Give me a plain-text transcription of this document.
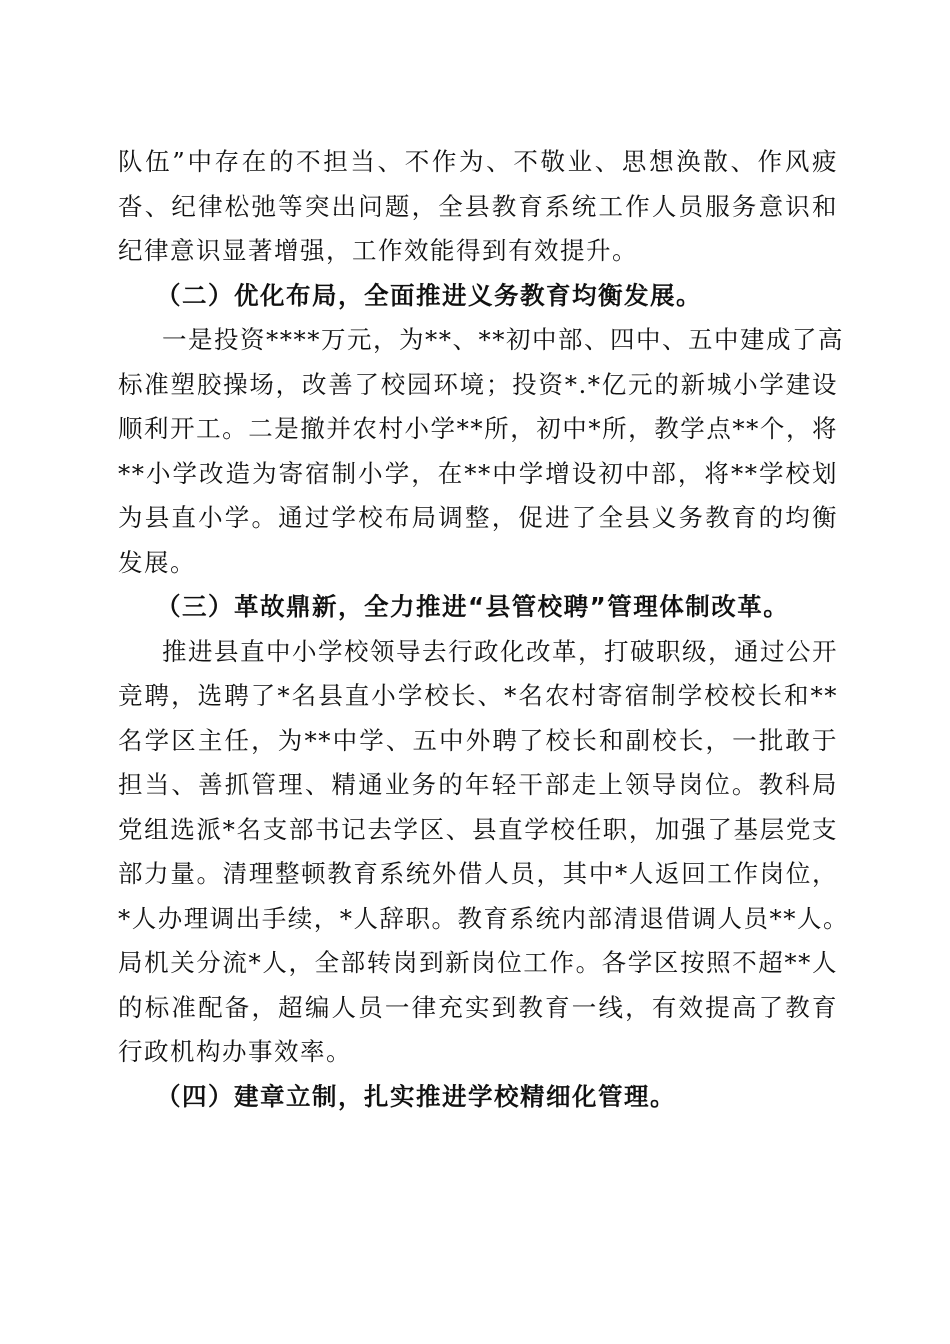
队伍”中存在的不担当、不作为、不敬业、思想涣散、作风疲
沓、纪律松弛等突出问题，全县教育系统工作人员服务意识和
纪律意识显著增强，工作效能得到有效提升。
（二）优化布局，全面推进义务教育均衡发展。
一是投资****万元，为**、**初中部、四中、五中建成了高
标准塑胶操场，改善了校园环境；投资*.*亿元的新城小学建设
顺利开工。二是撤并农村小学**所，初中*所，教学点**个，将
**小学改造为寄宿制小学，在**中学增设初中部，将**学校划
为县直小学。通过学校布局调整，促进了全县义务教育的均衡
发展。
（三）革故鼎新，全力推进“县管校聘”管理体制改革。
推进县直中小学校领导去行政化改革，打破职级，通过公开
竞聘，选聘了*名县直小学校长、*名农村寄宿制学校校长和**
名学区主任，为**中学、五中外聘了校长和副校长，一批敢于
担当、善抓管理、精通业务的年轻干部走上领导岗位。教科局
党组选派*名支部书记去学区、县直学校任职，加强了基层党支
部力量。清理整顿教育系统外借人员，其中*人返回工作岗位，
*人办理调出手续，*人辞职。教育系统内部清退借调人员**人。
局机关分流*人，全部转岗到新岗位工作。各学区按照不超**人
的标准配备，超编人员一律充实到教育一线，有效提高了教育
行政机构办事效率。
（四）建章立制，扎实推进学校精细化管理。
